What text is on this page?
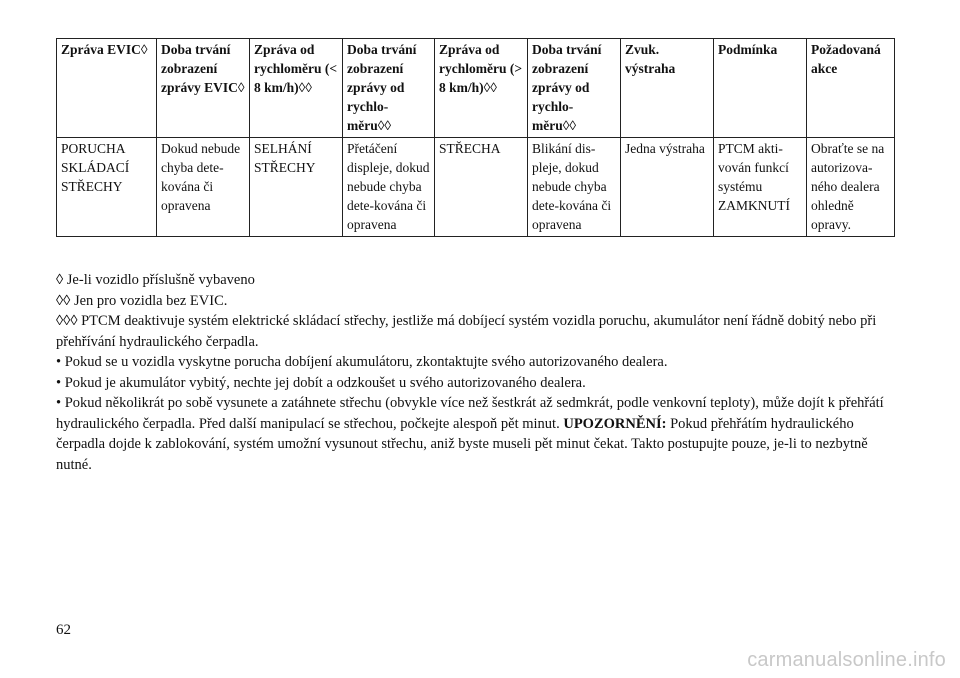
Zpráva EVIC◊	Doba trvání zobrazení zprávy EVIC◊	Zpráva od rychloměru (< 8 km/h)◊◊	Doba trvání zobrazení zprávy od rychlo-měru◊◊	Zpráva od rychloměru (> 8 km/h)◊◊	Doba trvání zobrazení zprávy od rychlo-měru◊◊	Zvuk. výstraha	Podmínka	Požadovaná akce
PORUCHA SKLÁDACÍ STŘECHY	Dokud nebude chyba dete-kována či opravena	SELHÁNÍ STŘECHY	Přetáčení displeje, dokud nebude chyba dete-kována či opravena	STŘECHA	Blikání dis-pleje, dokud nebude chyba dete-kována či opravena	Jedna výstraha	PTCM akti-vován funkcí systému ZAMKNUTÍ	Obraťte se na autorizova-ného dealera ohledně opravy.

◊ Je-li vozidlo příslušně vybaveno

◊◊ Jen pro vozidla bez EVIC.

◊◊◊ PTCM deaktivuje systém elektrické skládací střechy, jestliže má dobíjecí systém vozidla poruchu, akumulátor není řádně dobitý nebo při přehřívání hydraulického čerpadla.

• Pokud se u vozidla vyskytne porucha dobíjení akumulátoru, zkontaktujte svého autorizovaného dealera.

• Pokud je akumulátor vybitý, nechte jej dobít a odzkoušet u svého autorizovaného dealera.

• Pokud několikrát po sobě vysunete a zatáhnete střechu (obvykle více než šestkrát až sedmkrát, podle venkovní teploty), může dojít k přehřátí hydraulického čerpadla. Před další manipulací se střechou, počkejte alespoň pět minut. UPOZORNĚNÍ: Pokud přehřátím hydraulického čerpadla dojde k zablokování, systém umožní vysunout střechu, aniž byste museli pět minut čekat. Takto postupujte pouze, je-li to nezbytně nutné.

62
carmanualsonline.info
